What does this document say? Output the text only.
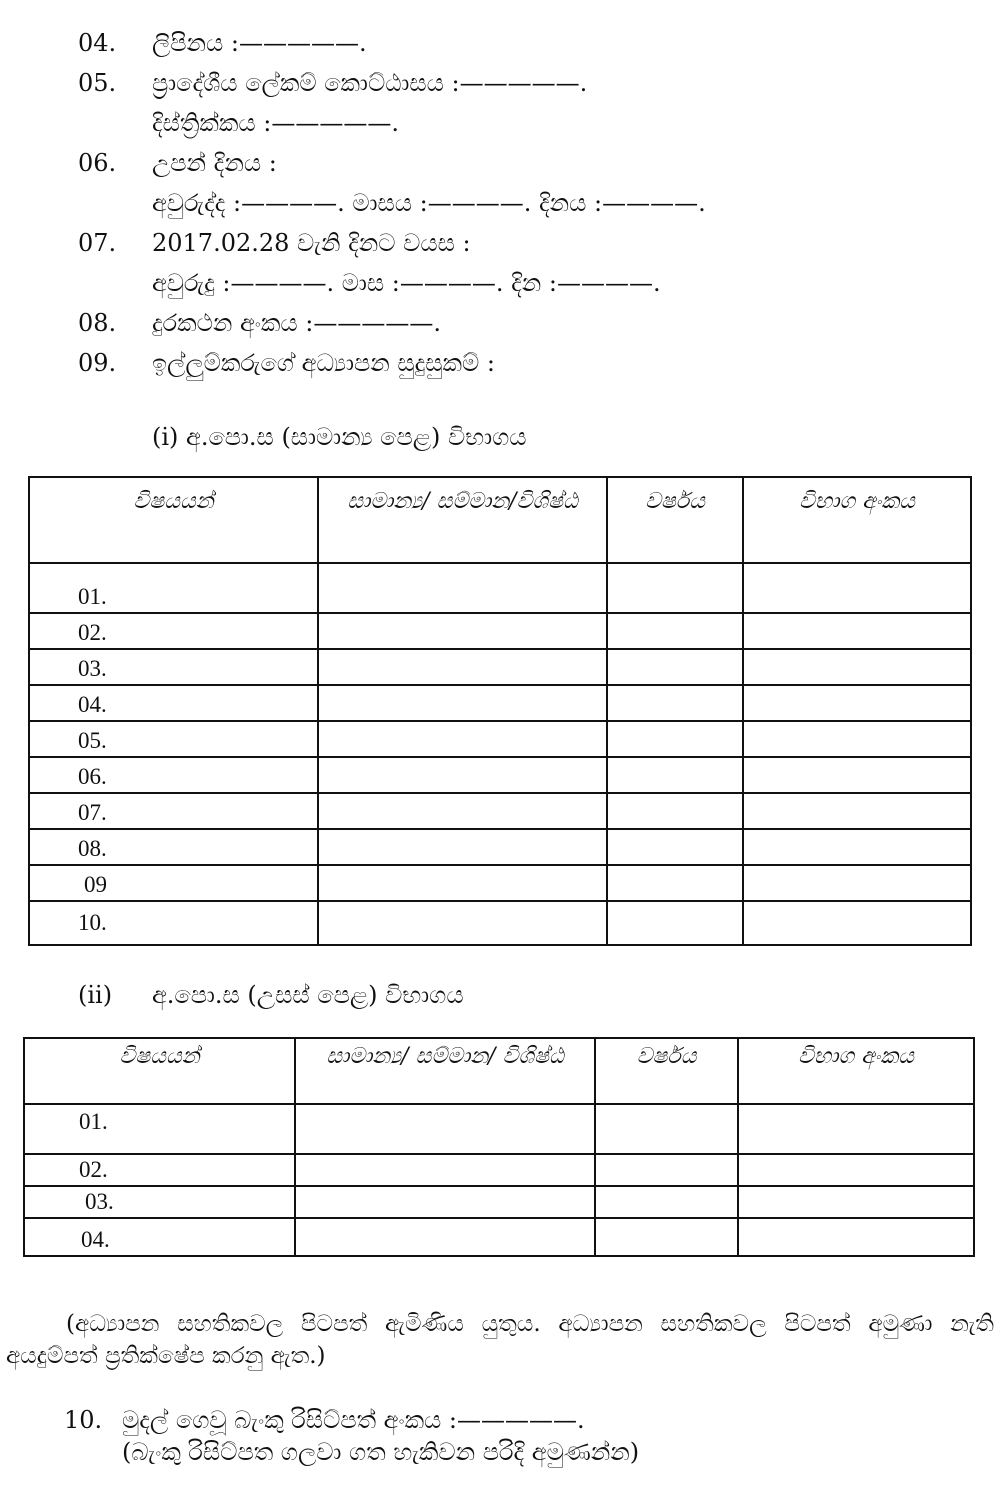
04. ලිපිනය :—————.
05. ප්‍රාදේශීය ලේකම් කොට්ඨාසය :—————.
දිස්ත්‍රික්කය :—————.
06. උපන් දිනය :
අවුරුද්ද :————. මාසය :————. දිනය :————.
07. 2017.02.28 වැනි දිනට වයස :
අවුරුදු :————. මාස :————. දින :————.
08. දුරකථන අංකය :—————.
09. ඉල්ලුම්කරුගේ අධ්‍යාපන සුදුසුකම් :
(i) අ.පො.ස (සාමාන්‍ය පෙළ) විභාගය
විෂයයන්	සාමාන්‍ය/ සම්මාන/විශිෂ්ඨ	වර්ෂය	විභාග අංකය
01.			
02.			
03.			
04.			
05.			
06.			
07.			
08.			
09			
10.			
(ii) අ.පො.ස (උසස් පෙළ) විභාගය
විෂයයන්	සාමාන්‍ය/ සම්මාන/ විශිෂ්ඨ	වර්ෂය	විභාග අංකය
01.			
02.			
03.			
04.			
(අධ්‍යාපන සහතිකවල පිටපත් ඇමිණිය යුතුය. අධ්‍යාපන සහතිකවල පිටපත් අමුණා නැති අයදුම්පත් ප්‍රතික්ෂේප කරනු ඇත.)
10. මුදල් ගෙවූ බැංකු රිසිට්පත් අංකය :—————.
(බැංකු රිසිට්පත ගලවා ගත හැකිවන පරිදි අමුණන්න)
